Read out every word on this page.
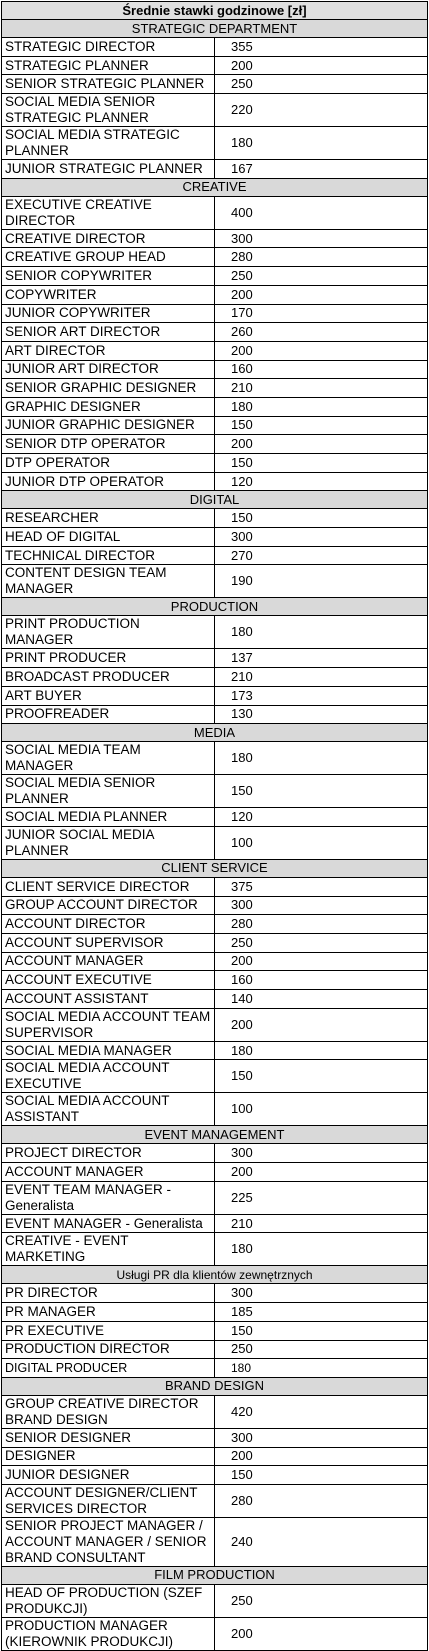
Średnie stawki godzinowe [zł]	
STRATEGIC DEPARTMENT	
STRATEGIC DIRECTOR	355
STRATEGIC PLANNER	200
SENIOR STRATEGIC PLANNER	250
SOCIAL MEDIA SENIOR STRATEGIC PLANNER	220
SOCIAL MEDIA STRATEGIC PLANNER	180
JUNIOR STRATEGIC PLANNER	167
CREATIVE	
EXECUTIVE CREATIVE DIRECTOR	400
CREATIVE DIRECTOR	300
CREATIVE GROUP HEAD	280
SENIOR COPYWRITER	250
COPYWRITER	200
JUNIOR COPYWRITER	170
SENIOR ART DIRECTOR	260
ART DIRECTOR	200
JUNIOR ART DIRECTOR	160
SENIOR GRAPHIC DESIGNER	210
GRAPHIC DESIGNER	180
JUNIOR GRAPHIC DESIGNER	150
SENIOR DTP OPERATOR	200
DTP OPERATOR	150
JUNIOR DTP OPERATOR	120
DIGITAL	
RESEARCHER	150
HEAD OF DIGITAL	300
TECHNICAL DIRECTOR	270
CONTENT DESIGN TEAM MANAGER	190
PRODUCTION	
PRINT PRODUCTION MANAGER	180
PRINT PRODUCER	137
BROADCAST PRODUCER	210
ART BUYER	173
PROOFREADER	130
MEDIA	
SOCIAL MEDIA TEAM MANAGER	180
SOCIAL MEDIA SENIOR PLANNER	150
SOCIAL MEDIA PLANNER	120
JUNIOR SOCIAL MEDIA PLANNER	100
CLIENT SERVICE	
CLIENT SERVICE DIRECTOR	375
GROUP ACCOUNT DIRECTOR	300
ACCOUNT DIRECTOR	280
ACCOUNT SUPERVISOR	250
ACCOUNT MANAGER	200
ACCOUNT EXECUTIVE	160
ACCOUNT ASSISTANT	140
SOCIAL MEDIA ACCOUNT TEAM SUPERVISOR	200
SOCIAL MEDIA MANAGER	180
SOCIAL MEDIA ACCOUNT EXECUTIVE	150
SOCIAL MEDIA ACCOUNT ASSISTANT	100
EVENT MANAGEMENT	
PROJECT DIRECTOR	300
ACCOUNT MANAGER	200
EVENT TEAM MANAGER - Generalista	225
EVENT MANAGER - Generalista	210
CREATIVE - EVENT MARKETING	180
Usługi PR dla klientów zewnętrznych	
PR DIRECTOR	300
PR MANAGER	185
PR EXECUTIVE	150
PRODUCTION DIRECTOR	250
DIGITAL PRODUCER	180
BRAND DESIGN	
GROUP CREATIVE DIRECTOR BRAND DESIGN	420
SENIOR DESIGNER	300
DESIGNER	200
JUNIOR DESIGNER	150
ACCOUNT DESIGNER/CLIENT SERVICES DIRECTOR	280
SENIOR PROJECT MANAGER / ACCOUNT MANAGER / SENIOR BRAND CONSULTANT	240
FILM PRODUCTION	
HEAD OF PRODUCTION (SZEF PRODUKCJI)	250
PRODUCTION MANAGER (KIEROWNIK PRODUKCJI)	200
